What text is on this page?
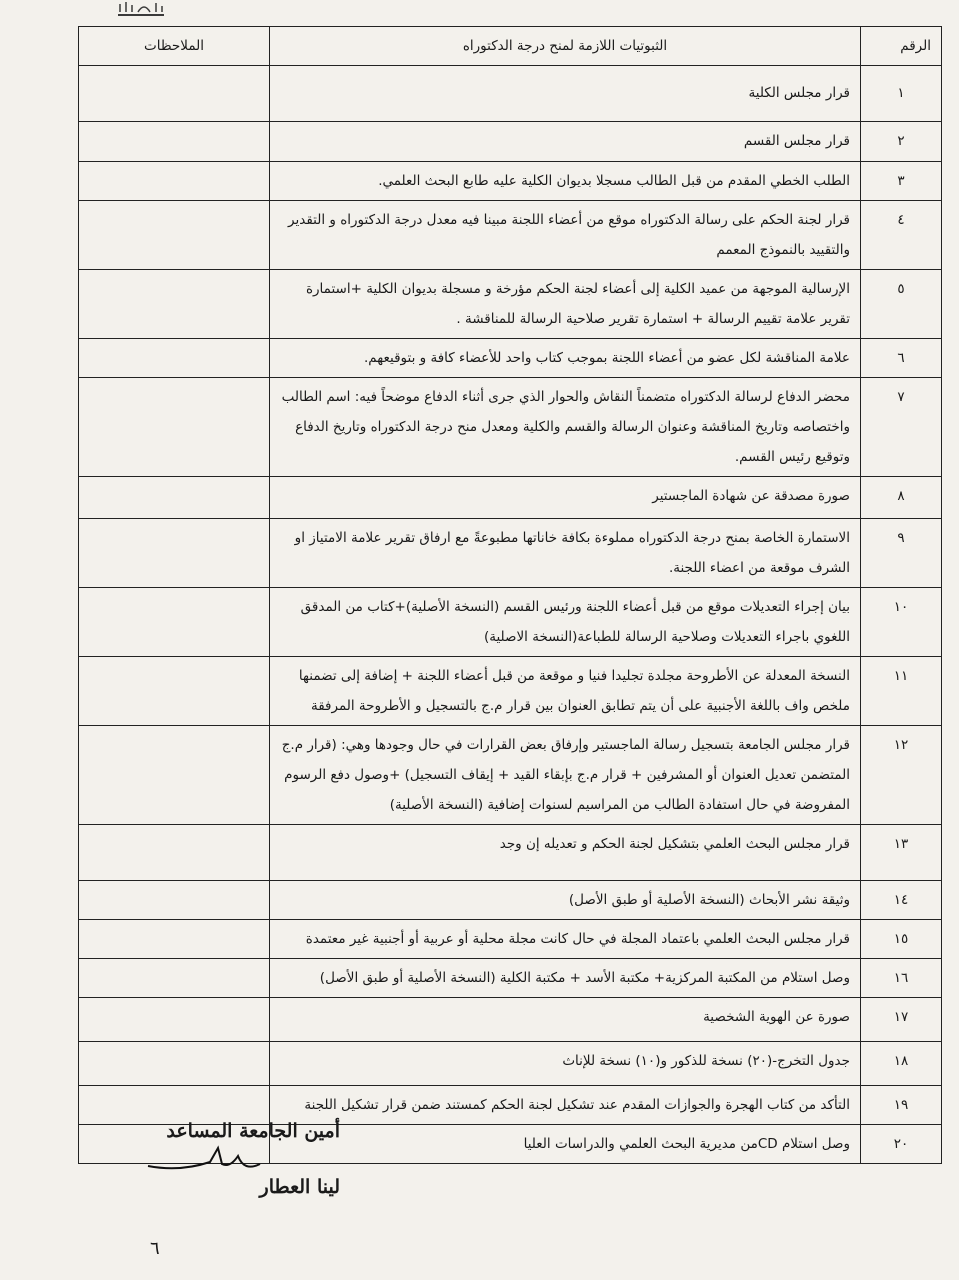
الرقم	الثبوتيات اللازمة لمنح درجة الدكتوراه	الملاحظات
١	قرار مجلس الكلية	
٢	قرار مجلس القسم	
٣	الطلب الخطي المقدم من قبل الطالب مسجلا بديوان الكلية عليه طابع البحث العلمي.	
٤	قرار لجنة الحكم على رسالة الدكتوراه موقع من أعضاء اللجنة مبينا فيه معدل درجة الدكتوراه و التقدير والتقييد بالنموذج المعمم	
٥	الإرسالية الموجهة من عميد الكلية إلى أعضاء لجنة الحكم مؤرخة و مسجلة بديوان الكلية +استمارة تقرير علامة تقييم الرسالة + استمارة تقرير صلاحية الرسالة للمناقشة .	
٦	علامة المناقشة لكل عضو من أعضاء اللجنة بموجب كتاب واحد للأعضاء كافة و بتوقيعهم.	
٧	محضر الدفاع لرسالة الدكتوراه متضمناً النقاش والحوار الذي جرى أثناء الدفاع موضحاً فيه: اسم الطالب واختصاصه وتاريخ المناقشة وعنوان الرسالة والقسم والكلية ومعدل منح درجة الدكتوراه وتاريخ الدفاع وتوقيع رئيس القسم.	
٨	صورة مصدقة عن شهادة الماجستير	
٩	الاستمارة الخاصة بمنح درجة الدكتوراه مملوءة بكافة خاناتها مطبوعةً مع ارفاق تقرير علامة الامتياز او الشرف موقعة من اعضاء اللجنة.	
١٠	بيان إجراء التعديلات موقع من قبل أعضاء اللجنة ورئيس القسم (النسخة الأصلية)+كتاب من المدقق اللغوي باجراء التعديلات وصلاحية الرسالة للطباعة(النسخة الاصلية)	
١١	النسخة المعدلة عن الأطروحة مجلدة تجليدا فنيا و موقعة من قبل أعضاء اللجنة + إضافة إلى تضمنها ملخص واف باللغة الأجنبية على أن يتم تطابق العنوان بين قرار م.ج بالتسجيل و الأطروحة المرفقة	
١٢	قرار مجلس الجامعة بتسجيل رسالة الماجستير وإرفاق بعض القرارات في حال وجودها وهي: (قرار م.ج المتضمن تعديل العنوان أو المشرفين + قرار م.ج بإبقاء القيد + إيقاف التسجيل) +وصول دفع الرسوم المفروضة في حال استفادة الطالب من المراسيم لسنوات إضافية (النسخة الأصلية)	
١٣	قرار مجلس البحث العلمي بتشكيل لجنة الحكم و تعديله إن وجد	
١٤	وثيقة نشر الأبحاث (النسخة الأصلية أو طبق الأصل)	
١٥	قرار مجلس البحث العلمي باعتماد المجلة في حال كانت مجلة محلية أو عربية أو أجنبية غير معتمدة	
١٦	وصل استلام من المكتبة المركزية+ مكتبة الأسد + مكتبة الكلية (النسخة الأصلية أو طبق الأصل)	
١٧	صورة عن الهوية الشخصية	
١٨	جدول التخرج-(٢٠) نسخة للذكور و(١٠) نسخة للإناث	
١٩	التأكد من كتاب الهجرة والجوازات المقدم عند تشكيل لجنة الحكم كمستند ضمن قرار تشكيل اللجنة	
٢٠	وصل استلام CDمن مديرية البحث العلمي والدراسات العليا	
أمين الجامعة المساعد
لينا العطار
٦
